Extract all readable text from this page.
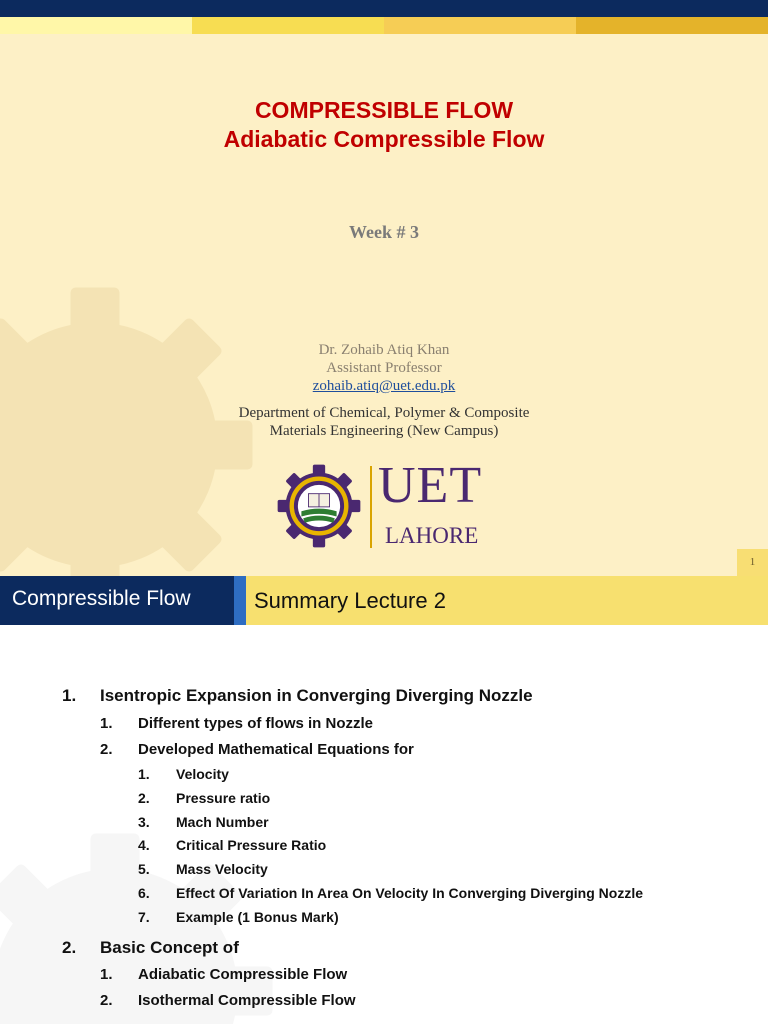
COMPRESSIBLE FLOW
Adiabatic Compressible Flow
Week # 3
Dr. Zohaib Atiq Khan
Assistant Professor
zohaib.atiq@uet.edu.pk
Department of Chemical, Polymer & Composite
Materials Engineering (New Campus)
UET
LAHORE
1
Compressible Flow	Summary Lecture 2
1. Isentropic Expansion in Converging Diverging Nozzle
1. Different types of flows in Nozzle
2. Developed Mathematical Equations for
1. Velocity
2. Pressure ratio
3. Mach Number
4. Critical Pressure Ratio
5. Mass Velocity
6. Effect Of Variation In Area On Velocity In Converging Diverging Nozzle
7. Example (1 Bonus Mark)
2. Basic Concept of
1. Adiabatic Compressible Flow
2. Isothermal Compressible Flow
